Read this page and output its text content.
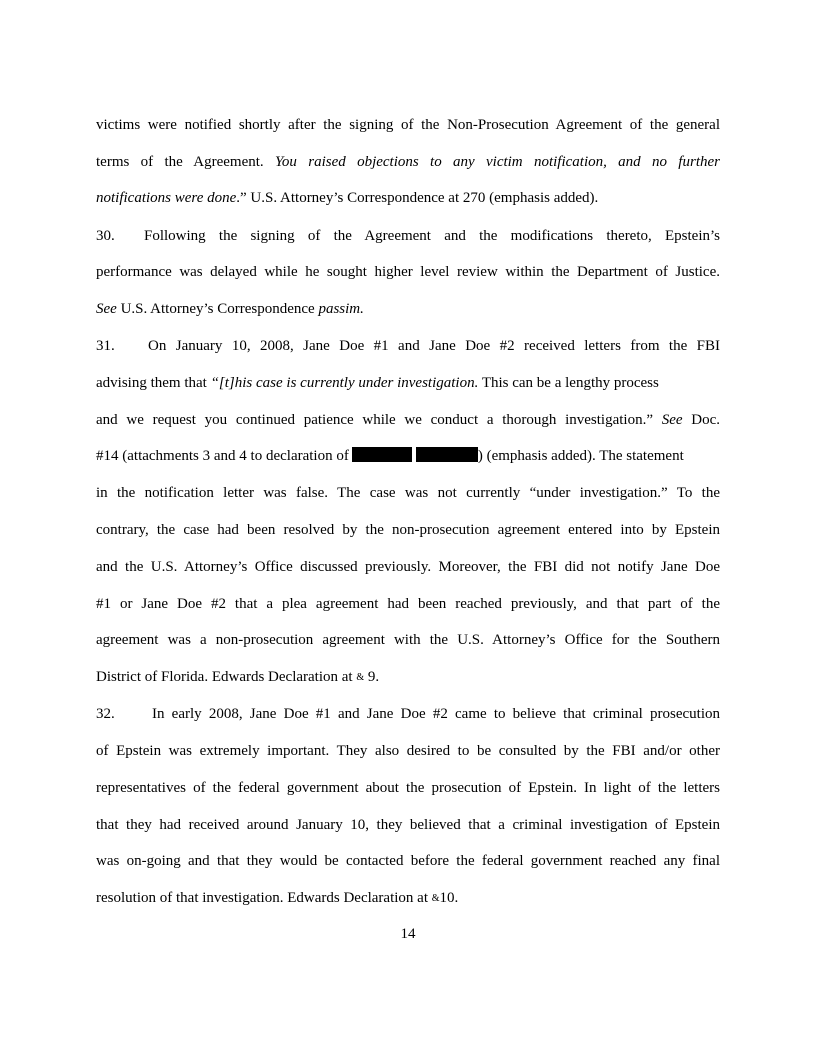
victims were notified shortly after the signing of the Non-Prosecution Agreement of the general
terms of the Agreement. You raised objections to any victim notification, and no further
notifications were done.” U.S. Attorney’s Correspondence at 270 (emphasis added).
30. Following the signing of the Agreement and the modifications thereto, Epstein’s
performance was delayed while he sought higher level review within the Department of Justice.
See U.S. Attorney’s Correspondence passim.
31. On January 10, 2008, Jane Doe #1 and Jane Doe #2 received letters from the FBI
advising them that “[t]his case is currently under investigation. This can be a lengthy process
and we request you continued patience while we conduct a thorough investigation.” See Doc.
#14 (attachments 3 and 4 to declaration of	) (emphasis added). The statement
in the notification letter was false. The case was not currently “under investigation.” To the
contrary, the case had been resolved by the non-prosecution agreement entered into by Epstein
and the U.S. Attorney’s Office discussed previously. Moreover, the FBI did not notify Jane Doe
#1 or Jane Doe #2 that a plea agreement had been reached previously, and that part of the
agreement was a non-prosecution agreement with the U.S. Attorney’s Office for the Southern
District of Florida. Edwards Declaration at & 9.
32. In early 2008, Jane Doe #1 and Jane Doe #2 came to believe that criminal prosecution
of Epstein was extremely important. They also desired to be consulted by the FBI and/or other
representatives of the federal government about the prosecution of Epstein. In light of the letters
that they had received around January 10, they believed that a criminal investigation of Epstein
was on-going and that they would be contacted before the federal government reached any final
resolution of that investigation. Edwards Declaration at &10.
14
